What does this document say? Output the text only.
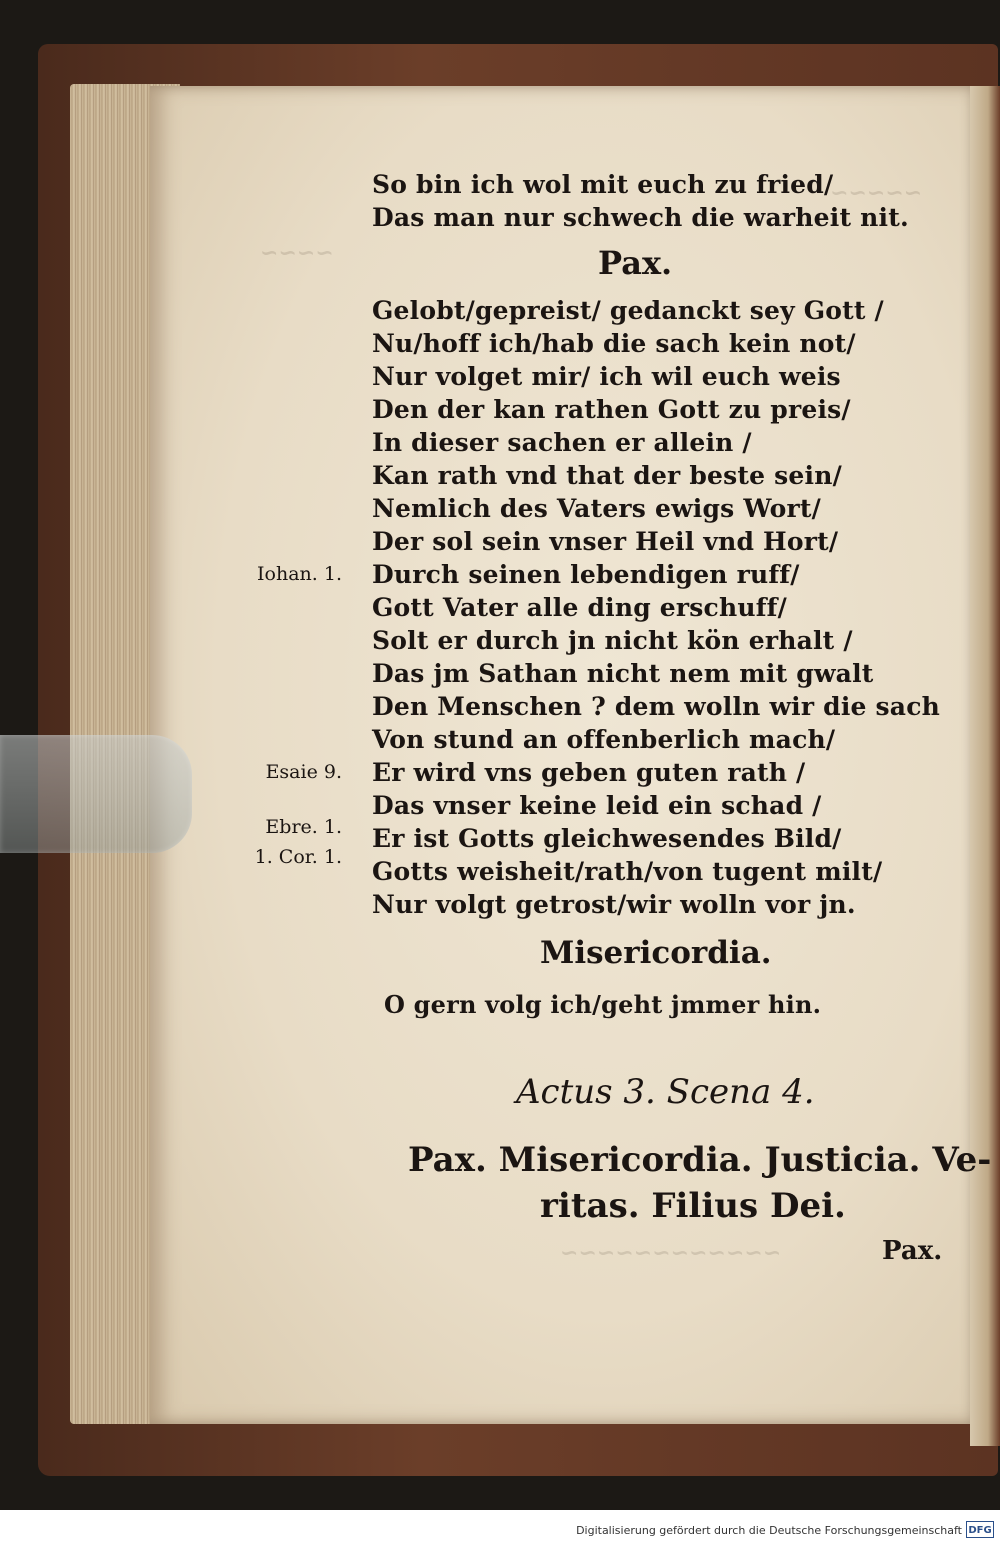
So bin ich wol mit euch zu fried/
Das man nur schwech die warheit nit.
Pax.
Gelobt/gepreist/ gedanckt sey Gott /
Nu/hoff ich/hab die sach kein not/
Nur volget mir/ ich wil euch weis
Den der kan rathen Gott zu preis/
In dieser sachen er allein /
Kan rath vnd that der beste sein/
Nemlich des Vaters ewigs Wort/
Der sol sein vnser Heil vnd Hort/
Durch seinen lebendigen ruff/
Gott Vater alle ding erschuff/
Solt er durch jn nicht kön erhalt /
Das jm Sathan nicht nem mit gwalt
Den Menschen ? dem wolln wir die sach
Von stund an offenberlich mach/
Er wird vns geben guten rath /
Das vnser keine leid ein schad /
Er ist Gotts gleichwesendes Bild/
Gotts weisheit/rath/von tugent milt/
Nur volgt getrost/wir wolln vor jn.
Iohan. 1.
Esaie 9.
Ebre. 1.
1. Cor. 1.
Misericordia.
O gern volg ich/geht jmmer hin.
Actus 3. Scena 4.
Pax. Misericordia. Justicia. Ve-
ritas. Filius Dei.
Pax.
Digitalisierung gefördert durch die Deutsche Forschungsgemeinschaft DFG
